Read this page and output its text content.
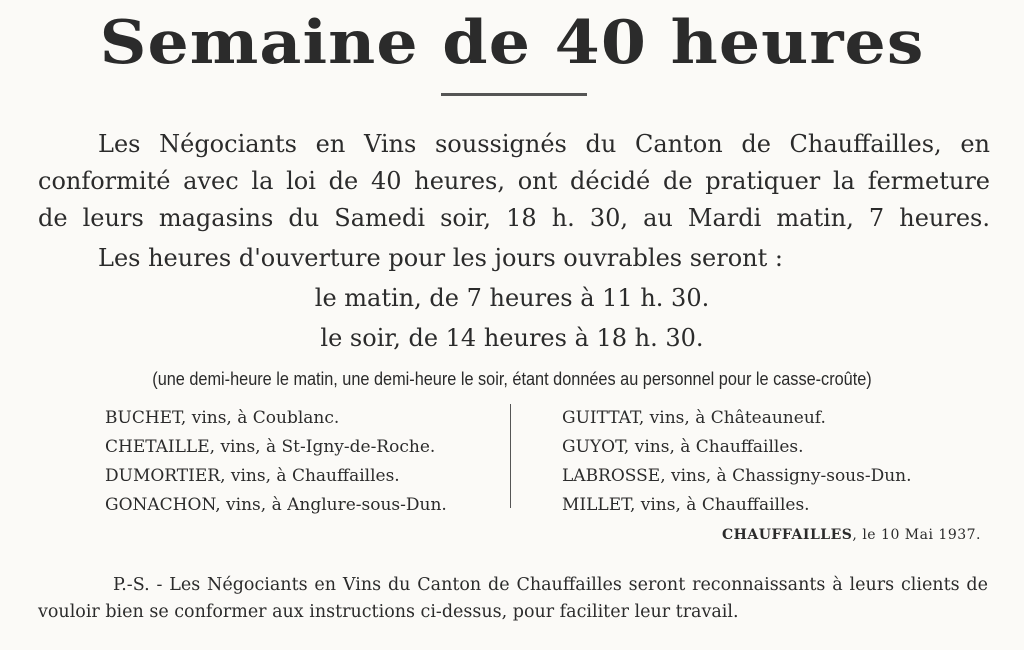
Semaine de 40 heures
Les Négociants en Vins soussignés du Canton de Chauffailles, en
conformité avec la loi de 40 heures, ont décidé de pratiquer la fermeture
de leurs magasins du Samedi soir, 18 h. 30, au Mardi matin, 7 heures.
Les heures d'ouverture pour les jours ouvrables seront :
le matin, de 7 heures à 11 h. 30.
le soir, de 14 heures à 18 h. 30.
(une demi-heure le matin, une demi-heure le soir, étant données au personnel pour le casse-croûte)
BUCHET, vins, à Coublanc.
CHETAILLE, vins, à St-Igny-de-Roche.
DUMORTIER, vins, à Chauffailles.
GONACHON, vins, à Anglure-sous-Dun.
GUITTAT, vins, à Châteauneuf.
GUYOT, vins, à Chauffailles.
LABROSSE, vins, à Chassigny-sous-Dun.
MILLET, vins, à Chauffailles.
CHAUFFAILLES, le 10 Mai 1937.
P.-S. - Les Négociants en Vins du Canton de Chauffailles seront reconnaissants à leurs clients de
vouloir bien se conformer aux instructions ci-dessus, pour faciliter leur travail.
